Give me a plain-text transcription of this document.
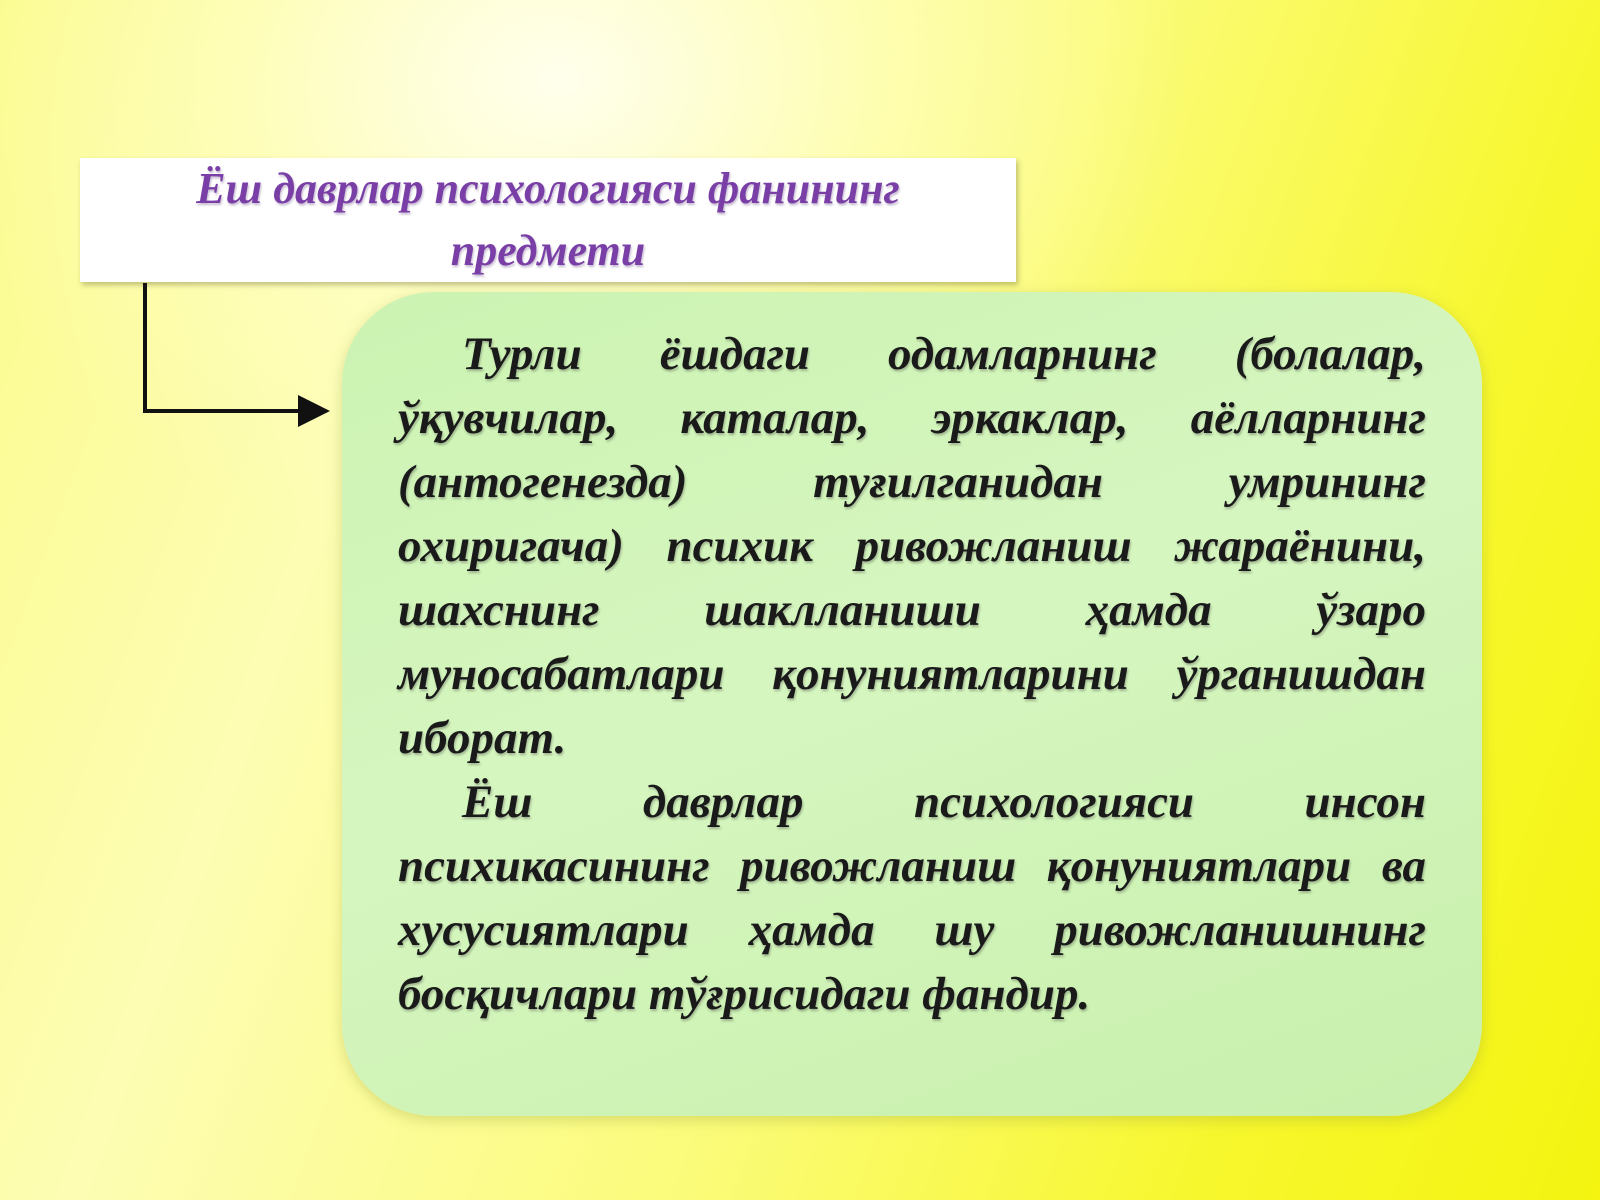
Ёш даврлар психологияси фанининг предмети

Турли ёшдаги одамларнинг (болалар, ўқувчилар, каталар, эркаклар, аёлларнинг (антогенезда) туғилганидан умрининг охиригача) психик ривожланиш жараёнини, шахснинг шаклланиши ҳамда ўзаро муносабатлари қонуниятларини ўрганишдан иборат.

Ёш даврлар психологияси инсон психикасининг ривожланиш қонуниятлари ва хусусиятлари ҳамда шу ривожланишнинг босқичлари тўғрисидаги фандир.
